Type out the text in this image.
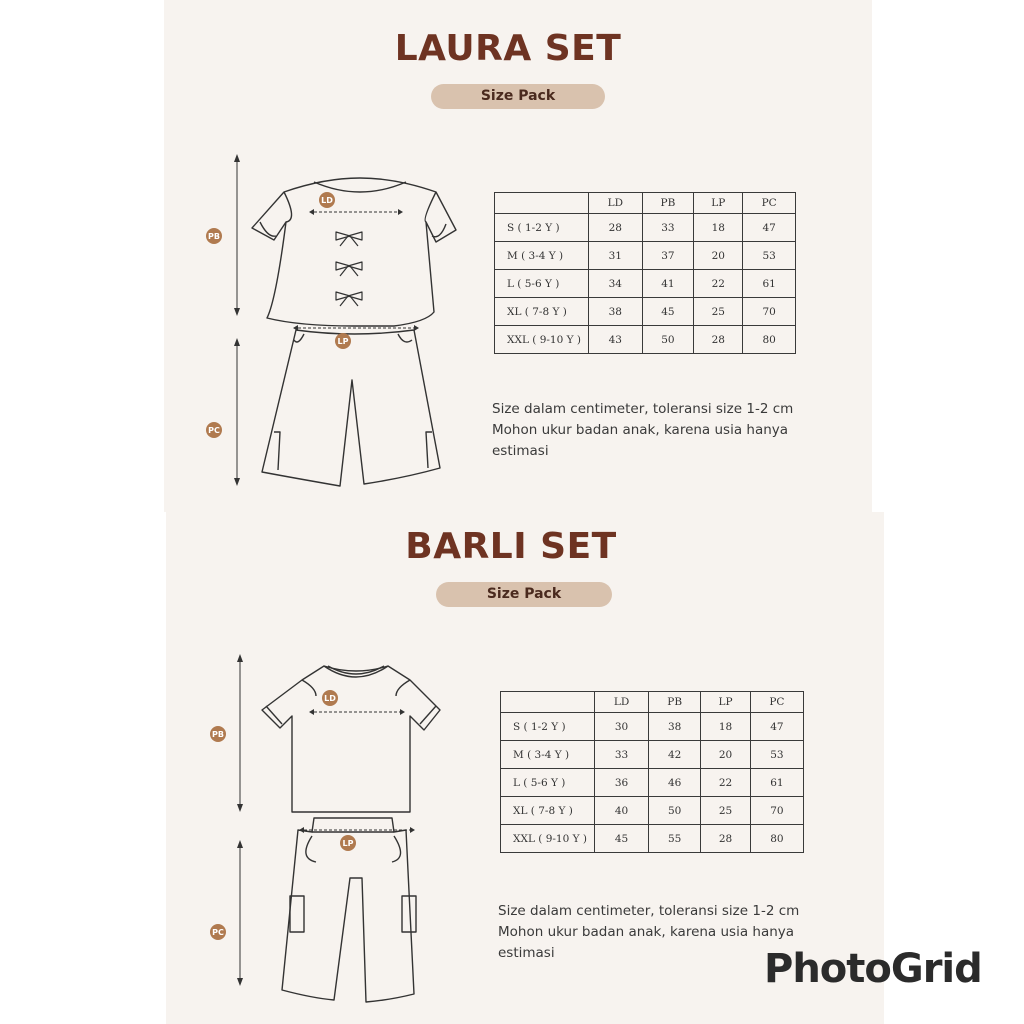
LAURA SET
Size Pack
PB
LD
LP
PC
	LD	PB	LP	PC
S ( 1-2 Y )	28	33	18	47
M ( 3-4 Y )	31	37	20	53
L ( 5-6 Y )	34	41	22	61
XL ( 7-8 Y )	38	45	25	70
XXL ( 9-10 Y )	43	50	28	80
Size dalam centimeter, toleransi size 1-2 cm
Mohon ukur badan anak, karena usia hanya
estimasi
BARLI SET
Size Pack
PB
LD
LP
PC
	LD	PB	LP	PC
S ( 1-2 Y )	30	38	18	47
M ( 3-4 Y )	33	42	20	53
L ( 5-6 Y )	36	46	22	61
XL ( 7-8 Y )	40	50	25	70
XXL ( 9-10 Y )	45	55	28	80
Size dalam centimeter, toleransi size 1-2 cm
Mohon ukur badan anak, karena usia hanya
estimasi	PhotoGrid
